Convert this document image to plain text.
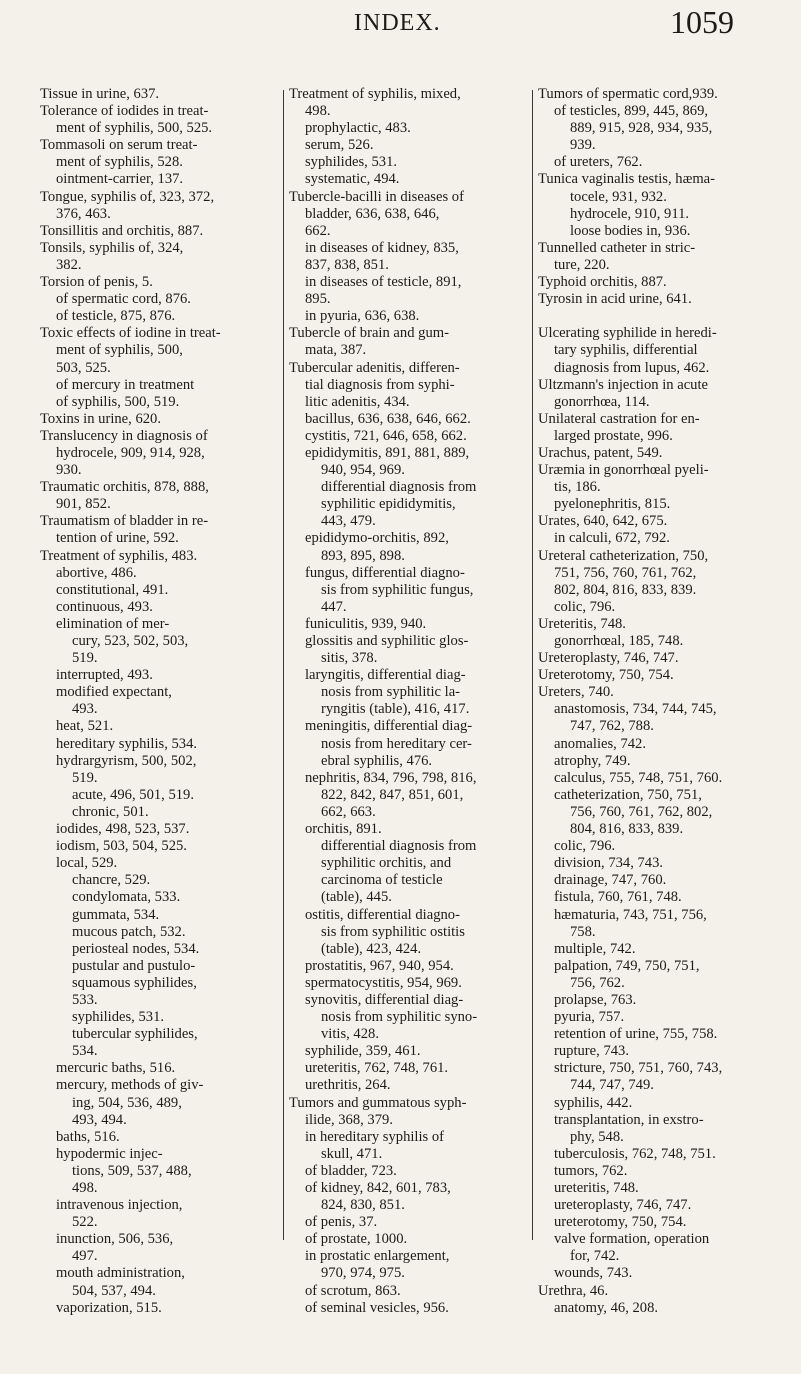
INDEX.	1059
Tissue in urine, 637.
Tolerance of iodides in treat-
ment of syphilis, 500, 525.
Tommasoli on serum treat-
ment of syphilis, 528.
ointment-carrier, 137.
Tongue, syphilis of, 323, 372,
376, 463.
Tonsillitis and orchitis, 887.
Tonsils, syphilis of, 324,
382.
Torsion of penis, 5.
of spermatic cord, 876.
of testicle, 875, 876.
Toxic effects of iodine in treat-
ment of syphilis, 500,
503, 525.
of mercury in treatment
of syphilis, 500, 519.
Toxins in urine, 620.
Translucency in diagnosis of
hydrocele, 909, 914, 928,
930.
Traumatic orchitis, 878, 888,
901, 852.
Traumatism of bladder in re-
tention of urine, 592.
Treatment of syphilis, 483.
abortive, 486.
constitutional, 491.
continuous, 493.
elimination of mer-
cury, 523, 502, 503,
519.
interrupted, 493.
modified expectant,
493.
heat, 521.
hereditary syphilis, 534.
hydrargyrism, 500, 502,
519.
acute, 496, 501, 519.
chronic, 501.
iodides, 498, 523, 537.
iodism, 503, 504, 525.
local, 529.
chancre, 529.
condylomata, 533.
gummata, 534.
mucous patch, 532.
periosteal nodes, 534.
pustular and pustulo-
squamous syphilides,
533.
syphilides, 531.
tubercular syphilides,
534.
mercuric baths, 516.
mercury, methods of giv-
ing, 504, 536, 489,
493, 494.
baths, 516.
hypodermic injec-
tions, 509, 537, 488,
498.
intravenous injection,
522.
inunction, 506, 536,
497.
mouth administration,
504, 537, 494.
vaporization, 515.
Treatment of syphilis, mixed,
498.
prophylactic, 483.
serum, 526.
syphilides, 531.
systematic, 494.
Tubercle-bacilli in diseases of
bladder, 636, 638, 646,
662.
in diseases of kidney, 835,
837, 838, 851.
in diseases of testicle, 891,
895.
in pyuria, 636, 638.
Tubercle of brain and gum-
mata, 387.
Tubercular adenitis, differen-
tial diagnosis from syphi-
litic adenitis, 434.
bacillus, 636, 638, 646, 662.
cystitis, 721, 646, 658, 662.
epididymitis, 891, 881, 889,
940, 954, 969.
differential diagnosis from
syphilitic epididymitis,
443, 479.
epididymo-orchitis, 892,
893, 895, 898.
fungus, differential diagno-
sis from syphilitic fungus,
447.
funiculitis, 939, 940.
glossitis and syphilitic glos-
sitis, 378.
laryngitis, differential diag-
nosis from syphilitic la-
ryngitis (table), 416, 417.
meningitis, differential diag-
nosis from hereditary cer-
ebral syphilis, 476.
nephritis, 834, 796, 798, 816,
822, 842, 847, 851, 601,
662, 663.
orchitis, 891.
differential diagnosis from
syphilitic orchitis, and
carcinoma of testicle
(table), 445.
ostitis, differential diagno-
sis from syphilitic ostitis
(table), 423, 424.
prostatitis, 967, 940, 954.
spermatocystitis, 954, 969.
synovitis, differential diag-
nosis from syphilitic syno-
vitis, 428.
syphilide, 359, 461.
ureteritis, 762, 748, 761.
urethritis, 264.
Tumors and gummatous syph-
ilide, 368, 379.
in hereditary syphilis of
skull, 471.
of bladder, 723.
of kidney, 842, 601, 783,
824, 830, 851.
of penis, 37.
of prostate, 1000.
in prostatic enlargement,
970, 974, 975.
of scrotum, 863.
of seminal vesicles, 956.
Tumors of spermatic cord,939.
of testicles, 899, 445, 869,
889, 915, 928, 934, 935,
939.
of ureters, 762.
Tunica vaginalis testis, hæma-
tocele, 931, 932.
hydrocele, 910, 911.
loose bodies in, 936.
Tunnelled catheter in stric-
ture, 220.
Typhoid orchitis, 887.
Tyrosin in acid urine, 641.

Ulcerating syphilide in heredi-
tary syphilis, differential
diagnosis from lupus, 462.
Ultzmann's injection in acute
gonorrhœa, 114.
Unilateral castration for en-
larged prostate, 996.
Urachus, patent, 549.
Uræmia in gonorrhœal pyeli-
tis, 186.
pyelonephritis, 815.
Urates, 640, 642, 675.
in calculi, 672, 792.
Ureteral catheterization, 750,
751, 756, 760, 761, 762,
802, 804, 816, 833, 839.
colic, 796.
Ureteritis, 748.
gonorrhœal, 185, 748.
Ureteroplasty, 746, 747.
Ureterotomy, 750, 754.
Ureters, 740.
anastomosis, 734, 744, 745,
747, 762, 788.
anomalies, 742.
atrophy, 749.
calculus, 755, 748, 751, 760.
catheterization, 750, 751,
756, 760, 761, 762, 802,
804, 816, 833, 839.
colic, 796.
division, 734, 743.
drainage, 747, 760.
fistula, 760, 761, 748.
hæmaturia, 743, 751, 756,
758.
multiple, 742.
palpation, 749, 750, 751,
756, 762.
prolapse, 763.
pyuria, 757.
retention of urine, 755, 758.
rupture, 743.
stricture, 750, 751, 760, 743,
744, 747, 749.
syphilis, 442.
transplantation, in exstro-
phy, 548.
tuberculosis, 762, 748, 751.
tumors, 762.
ureteritis, 748.
ureteroplasty, 746, 747.
ureterotomy, 750, 754.
valve formation, operation
for, 742.
wounds, 743.
Urethra, 46.
anatomy, 46, 208.
